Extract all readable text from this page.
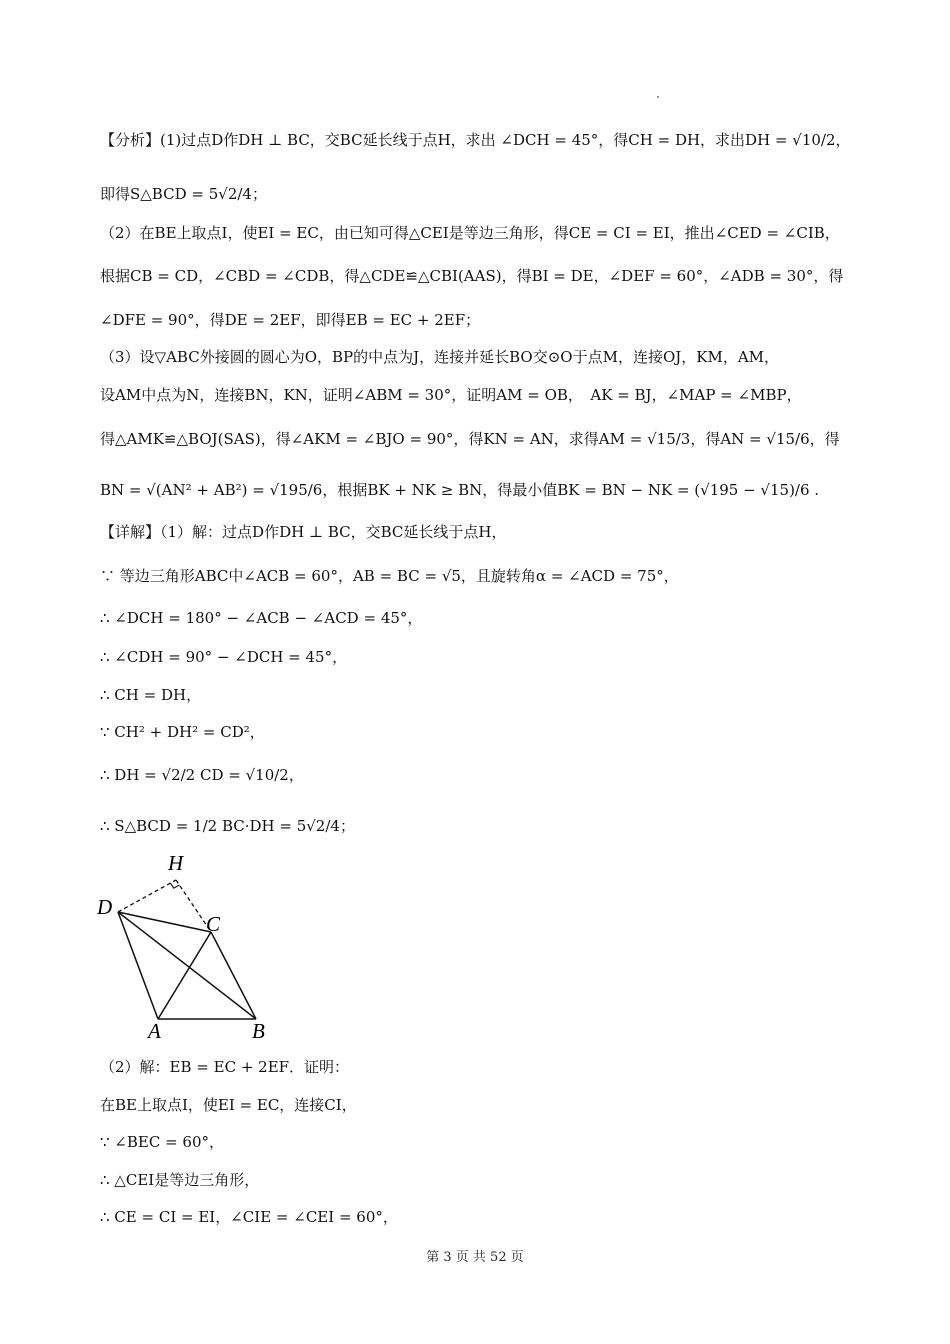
【分析】(1)过点D作DH ⊥ BC，交BC延长线于点H，求出 ∠DCH = 45°，得CH = DH，求出DH = √10/2，
即得S△BCD = 5√2/4；
（2）在BE上取点I，使EI = EC，由已知可得△CEI是等边三角形，得CE = CI = EI，推出∠CED = ∠CIB，
根据CB = CD，∠CBD = ∠CDB，得△CDE≌△CBI(AAS)，得BI = DE，∠DEF = 60°，∠ADB = 30°，得
∠DFE = 90°，得DE = 2EF，即得EB = EC + 2EF；
（3）设▽ABC外接圆的圆心为O，BP的中点为J，连接并延长BO交⊙O于点M，连接OJ，KM，AM，
设AM中点为N，连接BN，KN，证明∠ABM = 30°，证明AM = OB，　AK = BJ，∠MAP = ∠MBP，
得△AMK≌△BOJ(SAS)，得∠AKM = ∠BJO = 90°，得KN = AN，求得AM = √15/3，得AN = √15/6，得
BN = √(AN² + AB²) = √195/6，根据BK + NK ≥ BN，得最小值BK = BN − NK = (√195 − √15)/6 .
【详解】（1）解：过点D作DH ⊥ BC，交BC延长线于点H，
∵ 等边三角形ABC中∠ACB = 60°，AB = BC = √5，且旋转角α = ∠ACD = 75°，
∴ ∠DCH = 180° − ∠ACB − ∠ACD = 45°，
∴ ∠CDH = 90° − ∠DCH = 45°，
∴ CH = DH，
∵ CH² + DH² = CD²，
∴ DH = √2/2 CD = √10/2，
∴ S△BCD = 1/2 BC·DH = 5√2/4；
H
D
C
A	B
（2）解：EB = EC + 2EF．证明：
在BE上取点I，使EI = EC，连接CI，
∵ ∠BEC = 60°，
∴ △CEI是等边三角形，
∴ CE = CI = EI，∠CIE = ∠CEI = 60°，
第 3 页 共 52 页
